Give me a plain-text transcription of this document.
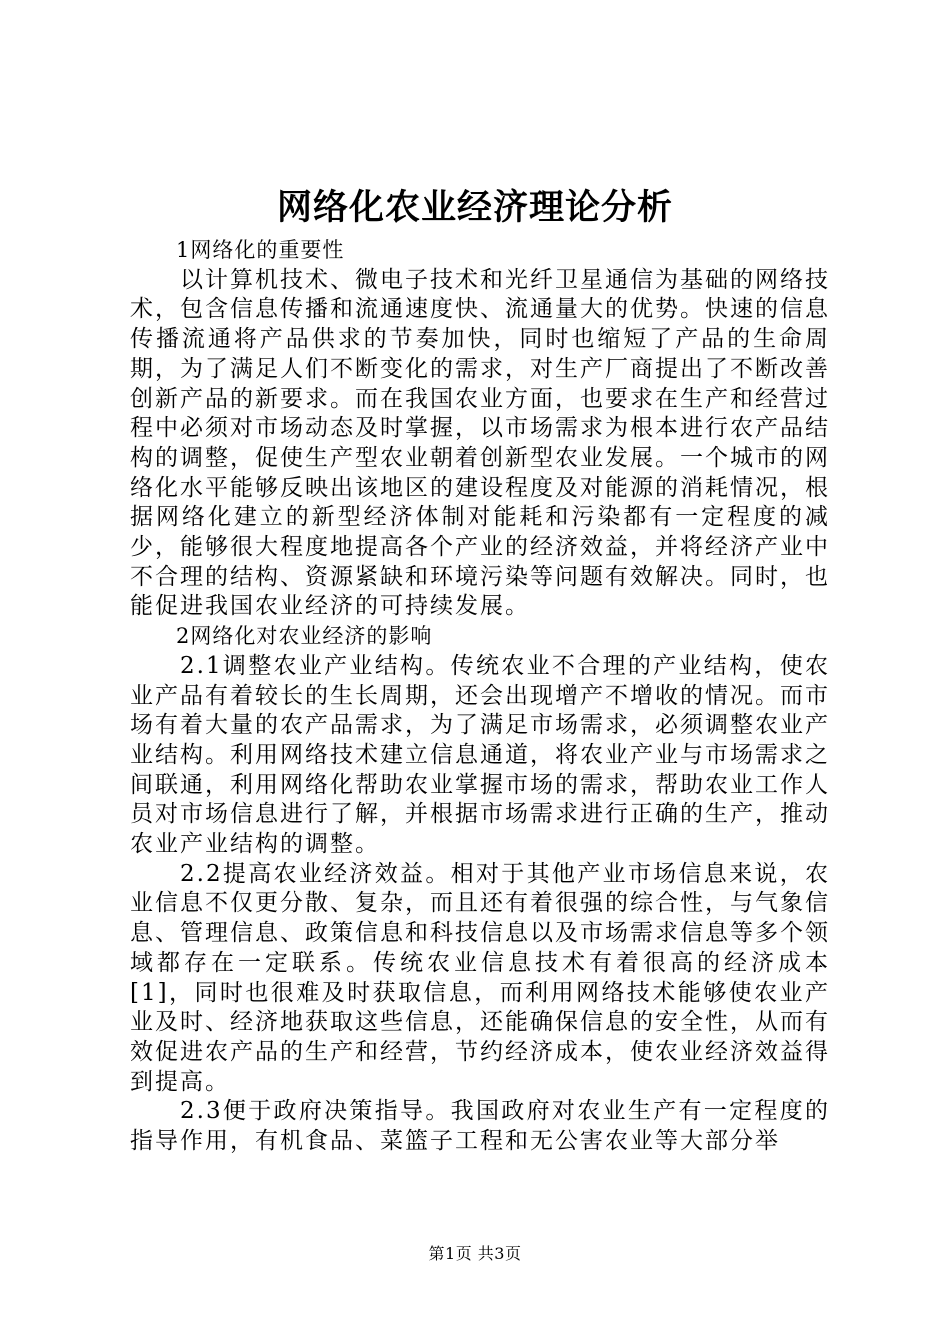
网络化农业经济理论分析

1网络化的重要性

以计算机技术、微电子技术和光纤卫星通信为基础的网络技术，包含信息传播和流通速度快、流通量大的优势。快速的信息传播流通将产品供求的节奏加快，同时也缩短了产品的生命周期，为了满足人们不断变化的需求，对生产厂商提出了不断改善创新产品的新要求。而在我国农业方面，也要求在生产和经营过程中必须对市场动态及时掌握，以市场需求为根本进行农产品结构的调整，促使生产型农业朝着创新型农业发展。一个城市的网络化水平能够反映出该地区的建设程度及对能源的消耗情况，根据网络化建立的新型经济体制对能耗和污染都有一定程度的减少，能够很大程度地提高各个产业的经济效益，并将经济产业中不合理的结构、资源紧缺和环境污染等问题有效解决。同时，也能促进我国农业经济的可持续发展。

2网络化对农业经济的影响

2.1调整农业产业结构。传统农业不合理的产业结构，使农业产品有着较长的生长周期，还会出现增产不增收的情况。而市场有着大量的农产品需求，为了满足市场需求，必须调整农业产业结构。利用网络技术建立信息通道，将农业产业与市场需求之间联通，利用网络化帮助农业掌握市场的需求，帮助农业工作人员对市场信息进行了解，并根据市场需求进行正确的生产，推动农业产业结构的调整。

2.2提高农业经济效益。相对于其他产业市场信息来说，农业信息不仅更分散、复杂，而且还有着很强的综合性，与气象信息、管理信息、政策信息和科技信息以及市场需求信息等多个领域都存在一定联系。传统农业信息技术有着很高的经济成本[1]，同时也很难及时获取信息，而利用网络技术能够使农业产业及时、经济地获取这些信息，还能确保信息的安全性，从而有效促进农产品的生产和经营，节约经济成本，使农业经济效益得到提高。

2.3便于政府决策指导。我国政府对农业生产有一定程度的指导作用，有机食品、菜篮子工程和无公害农业等大部分举

第1页 共3页
